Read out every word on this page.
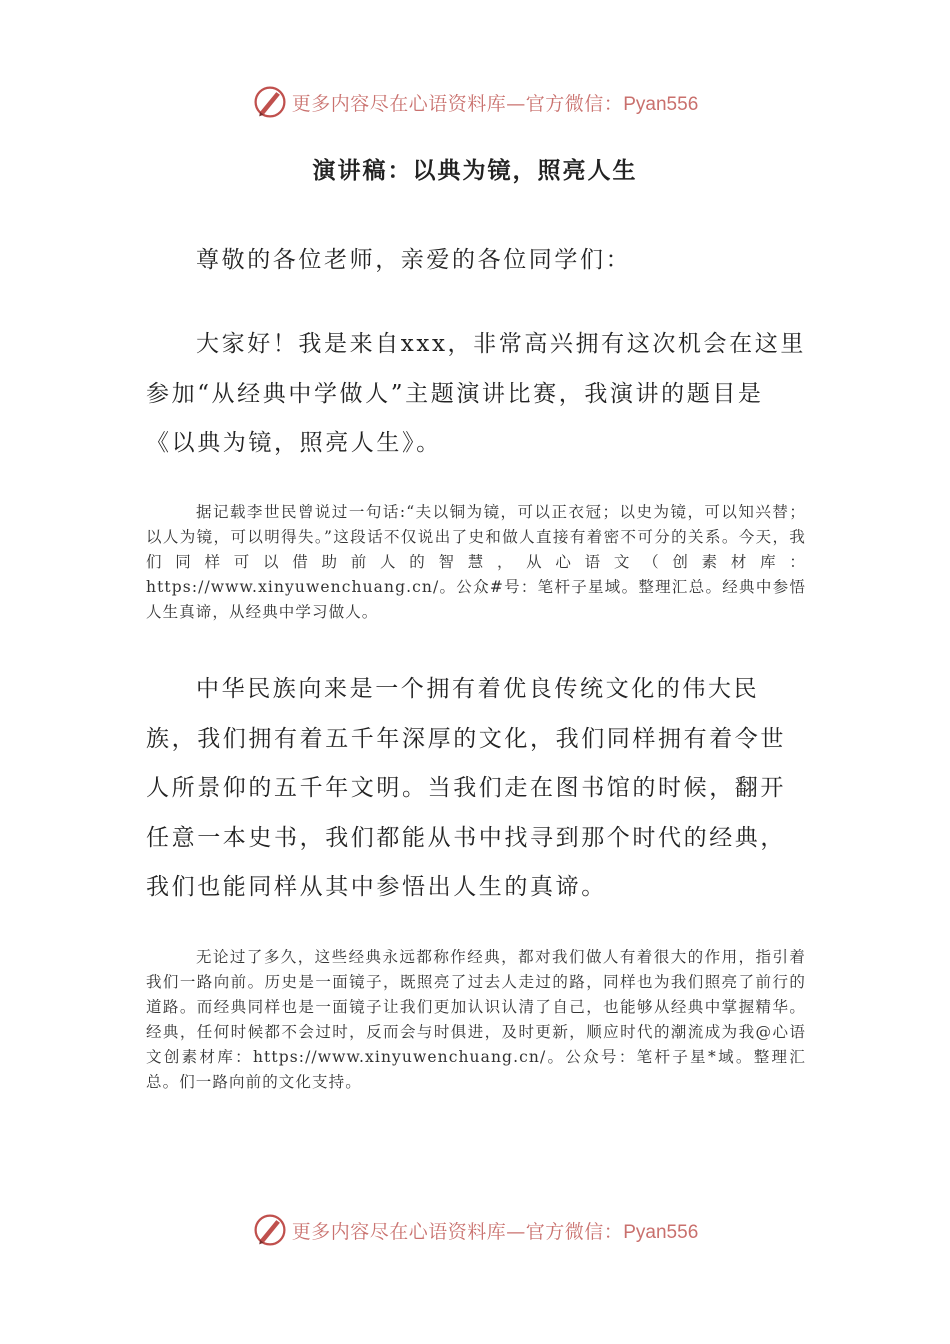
更多内容尽在心语资料库—官方微信：Pyan556
演讲稿：以典为镜，照亮人生

尊敬的各位老师，亲爱的各位同学们：

大家好！我是来自xxx，非常高兴拥有这次机会在这里参加“从经典中学做人”主题演讲比赛，我演讲的题目是《以典为镜，照亮人生》。

据记载李世民曾说过一句话:“夫以铜为镜，可以正衣冠；以史为镜，可以知兴替；以人为镜，可以明得失。”这段话不仅说出了史和做人直接有着密不可分的关系。今天，我们同样可以借助前人的智慧，从心语文（创素材库：https://www.xinyuwenchuang.cn/。公众#号：笔杆子星域。整理汇总。经典中参悟人生真谛，从经典中学习做人。

中华民族向来是一个拥有着优良传统文化的伟大民族，我们拥有着五千年深厚的文化，我们同样拥有着令世人所景仰的五千年文明。当我们走在图书馆的时候，翻开任意一本史书，我们都能从书中找寻到那个时代的经典，我们也能同样从其中参悟出人生的真谛。

无论过了多久，这些经典永远都称作经典，都对我们做人有着很大的作用，指引着我们一路向前。历史是一面镜子，既照亮了过去人走过的路，同样也为我们照亮了前行的道路。而经典同样也是一面镜子让我们更加认识认清了自己，也能够从经典中掌握精华。经典，任何时候都不会过时，反而会与时俱进，及时更新，顺应时代的潮流成为我@心语文创素材库：https://www.xinyuwenchuang.cn/。公众号：笔杆子星*域。整理汇总。们一路向前的文化支持。

更多内容尽在心语资料库—官方微信：Pyan556
